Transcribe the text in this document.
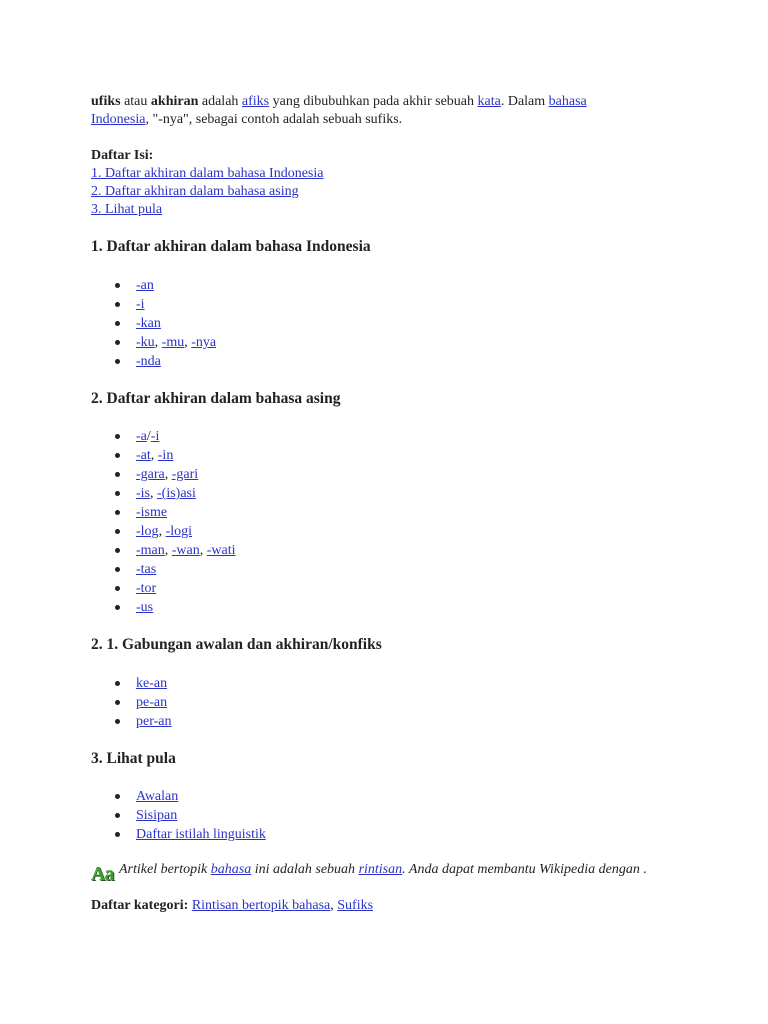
ufiks atau akhiran adalah afiks yang dibubuhkan pada akhir sebuah kata. Dalam bahasa Indonesia, "-nya", sebagai contoh adalah sebuah sufiks.
Daftar Isi:
1. Daftar akhiran dalam bahasa Indonesia
2. Daftar akhiran dalam bahasa asing
3. Lihat pula
1. Daftar akhiran dalam bahasa Indonesia
-an
-i
-kan
-ku, -mu, -nya
-nda
2. Daftar akhiran dalam bahasa asing
-a/-i
-at, -in
-gara, -gari
-is, -(is)asi
-isme
-log, -logi
-man, -wan, -wati
-tas
-tor
-us
2. 1. Gabungan awalan dan akhiran/konfiks
ke-an
pe-an
per-an
3. Lihat pula
Awalan
Sisipan
Daftar istilah linguistik
Aa Artikel bertopik bahasa ini adalah sebuah rintisan. Anda dapat membantu Wikipedia dengan .
Daftar kategori: Rintisan bertopik bahasa, Sufiks
